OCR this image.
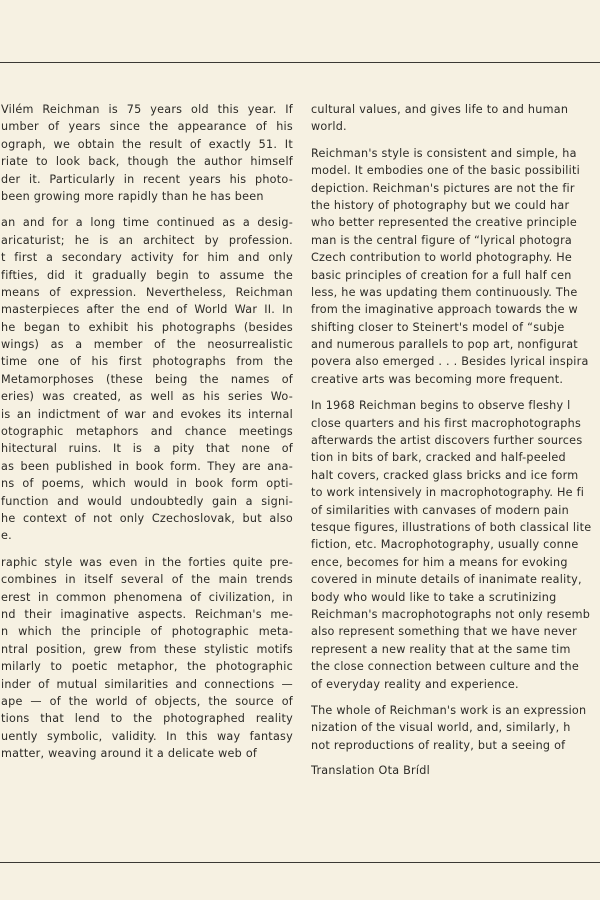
Vilém Reichman is 75 years old this year. If
umber of years since the appearance of his
ograph, we obtain the result of exactly 51. It
riate to look back, though the author himself
der it. Particularly in recent years his photo-
been growing more rapidly than he has been
an and for a long time continued as a desig-
aricaturist; he is an architect by profession.
t first a secondary activity for him and only
fifties, did it gradually begin to assume the
means of expression. Nevertheless, Reichman
masterpieces after the end of World War II. In
he began to exhibit his photographs (besides
wings) as a member of the neosurrealistic
time one of his first photographs from the
Metamorphoses (these being the names of
eries) was created, as well as his series Wo-
is an indictment of war and evokes its internal
otographic metaphors and chance meetings
hitectural ruins. It is a pity that none of
as been published in book form. They are ana-
ns of poems, which would in book form opti-
function and would undoubtedly gain a signi-
he context of not only Czechoslovak, but also
e.
raphic style was even in the forties quite pre-
combines in itself several of the main trends
erest in common phenomena of civilization, in
nd their imaginative aspects. Reichman's me-
n which the principle of photographic meta-
ntral position, grew from these stylistic motifs
milarly to poetic metaphor, the photographic
inder of mutual similarities and connections —
ape — of the world of objects, the source of
tions that lend to the photographed reality
uently symbolic, validity. In this way fantasy
matter, weaving around it a delicate web of
cultural values, and gives life to and human
world.
Reichman's style is consistent and simple, ha
model. It embodies one of the basic possibiliti
depiction. Reichman's pictures are not the fir
the history of photography but we could har
who better represented the creative principle
man is the central figure of “lyrical photogra
Czech contribution to world photography. He
basic principles of creation for a full half cen
less, he was updating them continuously. The
from the imaginative approach towards the w
shifting closer to Steinert's model of “subje
and numerous parallels to pop art, nonfigurat
povera also emerged . . . Besides lyrical inspira
creative arts was becoming more frequent.
In 1968 Reichman begins to observe fleshy l
close quarters and his first macrophotographs
afterwards the artist discovers further sources
tion in bits of bark, cracked and half-peeled
halt covers, cracked glass bricks and ice form
to work intensively in macrophotography. He fi
of similarities with canvases of modern pain
tesque figures, illustrations of both classical lite
fiction, etc. Macrophotography, usually conne
ence, becomes for him a means for evoking
covered in minute details of inanimate reality,
body who would like to take a scrutinizing
Reichman's macrophotographs not only resemb
also represent something that we have never
represent a new reality that at the same tim
the close connection between culture and the
of everyday reality and experience.
The whole of Reichman's work is an expression
nization of the visual world, and, similarly, h
not reproductions of reality, but a seeing of
Translation Ota Brídl
